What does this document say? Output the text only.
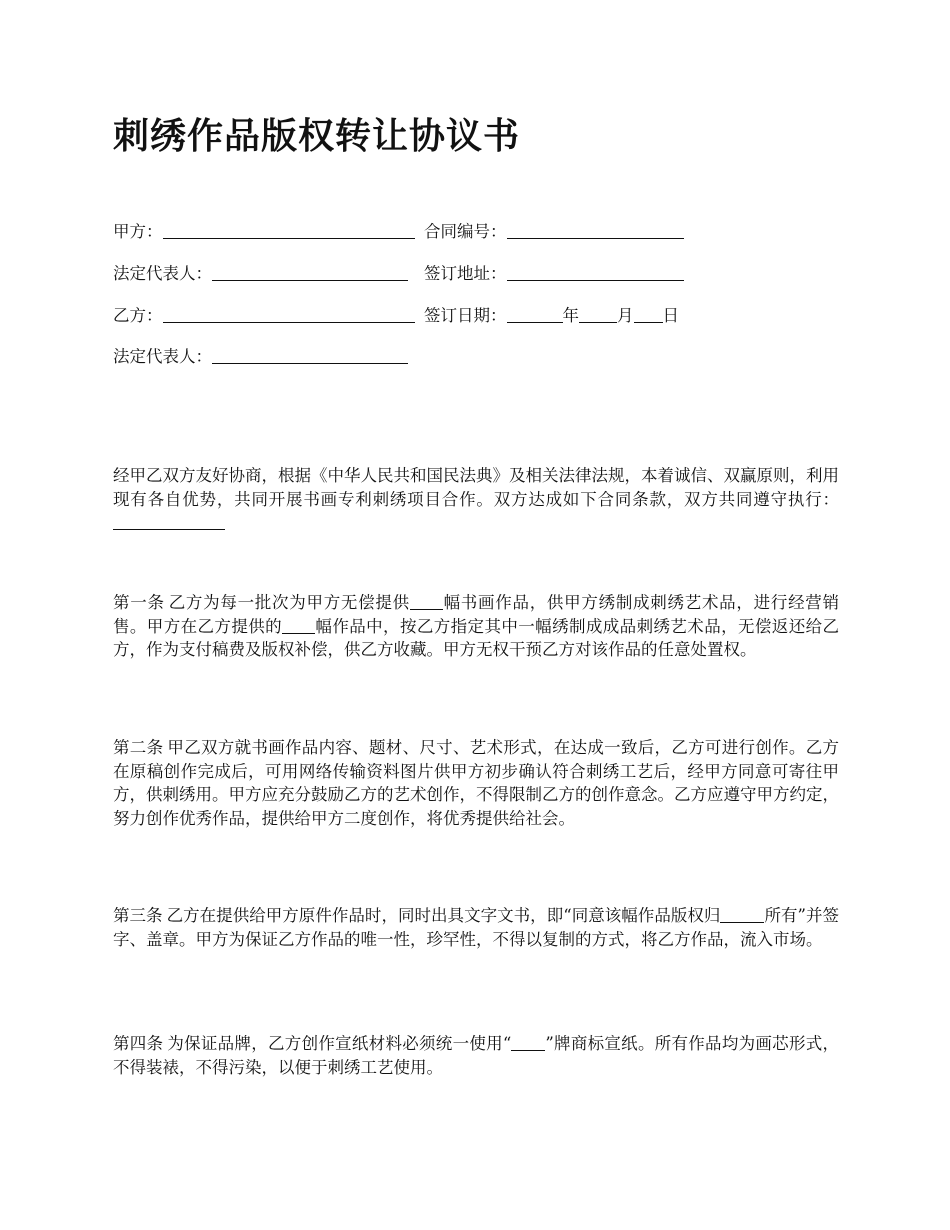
刺绣作品版权转让协议书
甲方：	合同编号：
法定代表人：	签订地址：
乙方：	签订日期：	年 月 日
法定代表人：

经甲乙双方友好协商，根据《中华人民共和国民法典》及相关法律法规，本着诚信、双赢原则，利用现有各自优势，共同开展书画专利刺绣项目合作。双方达成如下合同条款，双方共同遵守执行：

第一条 乙方为每一批次为甲方无偿提供 幅书画作品，供甲方绣制成刺绣艺术品，进行经营销售。甲方在乙方提供的 幅作品中，按乙方指定其中一幅绣制成成品刺绣艺术品，无偿返还给乙方，作为支付稿费及版权补偿，供乙方收藏。甲方无权干预乙方对该作品的任意处置权。

第二条 甲乙双方就书画作品内容、题材、尺寸、艺术形式，在达成一致后，乙方可进行创作。乙方在原稿创作完成后，可用网络传输资料图片供甲方初步确认符合刺绣工艺后，经甲方同意可寄往甲方，供刺绣用。甲方应充分鼓励乙方的艺术创作，不得限制乙方的创作意念。乙方应遵守甲方约定，努力创作优秀作品，提供给甲方二度创作，将优秀提供给社会。

第三条 乙方在提供给甲方原件作品时，同时出具文字文书，即“同意该幅作品版权归	所有”并签字、盖章。甲方为保证乙方作品的唯一性，珍罕性，不得以复制的方式，将乙方作品，流入市场。

第四条 为保证品牌，乙方创作宣纸材料必须统一使用“ ”牌商标宣纸。所有作品均为画芯形式，不得装裱，不得污染，以便于刺绣工艺使用。
